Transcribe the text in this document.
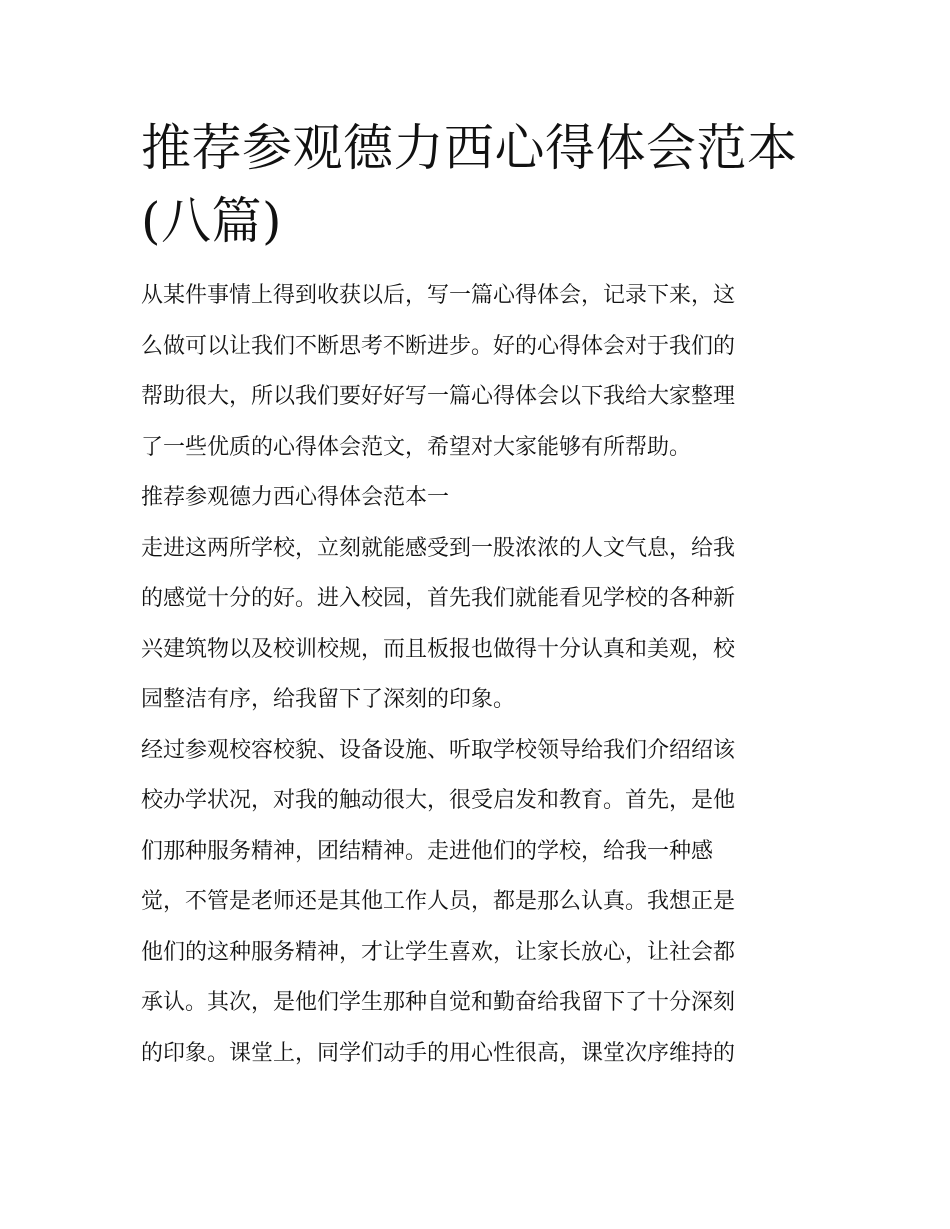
推荐参观德力西心得体会范本
(八篇)

从某件事情上得到收获以后，写一篇心得体会，记录下来，这
么做可以让我们不断思考不断进步。好的心得体会对于我们的
帮助很大，所以我们要好好写一篇心得体会以下我给大家整理
了一些优质的心得体会范文，希望对大家能够有所帮助。

推荐参观德力西心得体会范本一

走进这两所学校，立刻就能感受到一股浓浓的人文气息，给我
的感觉十分的好。进入校园，首先我们就能看见学校的各种新
兴建筑物以及校训校规，而且板报也做得十分认真和美观，校
园整洁有序，给我留下了深刻的印象。

经过参观校容校貌、设备设施、听取学校领导给我们介绍绍该
校办学状况，对我的触动很大，很受启发和教育。首先，是他
们那种服务精神，团结精神。走进他们的学校，给我一种感
觉，不管是老师还是其他工作人员，都是那么认真。我想正是
他们的这种服务精神，才让学生喜欢，让家长放心，让社会都
承认。其次，是他们学生那种自觉和勤奋给我留下了十分深刻
的印象。课堂上，同学们动手的用心性很高，课堂次序维持的
